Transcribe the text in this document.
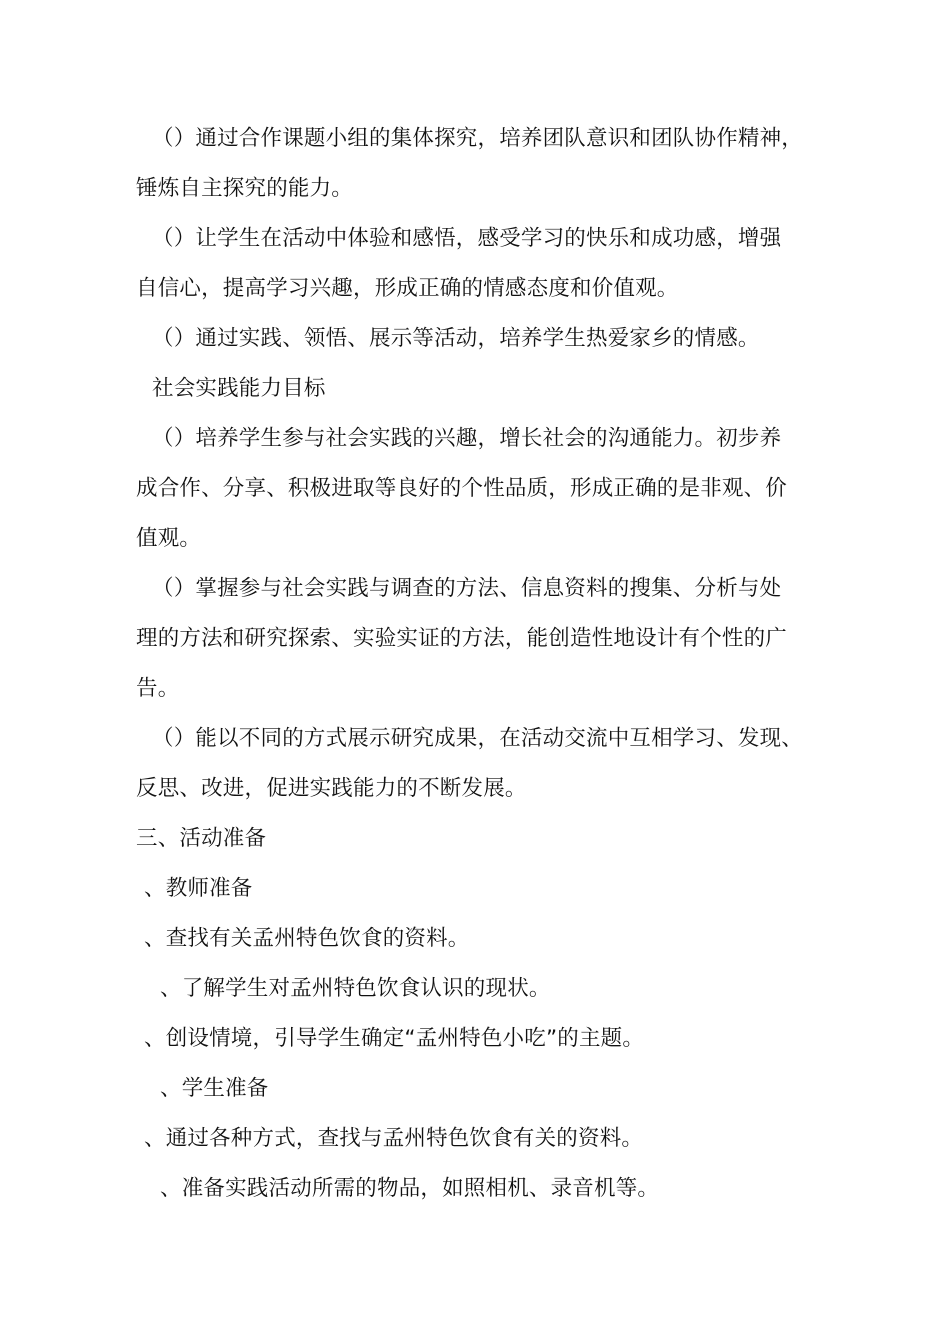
（）通过合作课题小组的集体探究，培养团队意识和团队协作精神，
锤炼自主探究的能力。
（）让学生在活动中体验和感悟，感受学习的快乐和成功感，增强
自信心，提高学习兴趣，形成正确的情感态度和价值观。
（）通过实践、领悟、展示等活动，培养学生热爱家乡的情感。
社会实践能力目标
（）培养学生参与社会实践的兴趣，增长社会的沟通能力。初步养
成合作、分享、积极进取等良好的个性品质，形成正确的是非观、价
值观。
（）掌握参与社会实践与调查的方法、信息资料的搜集、分析与处
理的方法和研究探索、实验实证的方法，能创造性地设计有个性的广
告。
（）能以不同的方式展示研究成果，在活动交流中互相学习、发现、
反思、改进，促进实践能力的不断发展。
三、活动准备
、教师准备
、查找有关孟州特色饮食的资料。
、了解学生对孟州特色饮食认识的现状。
、创设情境，引导学生确定“孟州特色小吃”的主题。
、学生准备
、通过各种方式，查找与孟州特色饮食有关的资料。
、准备实践活动所需的物品，如照相机、录音机等。
